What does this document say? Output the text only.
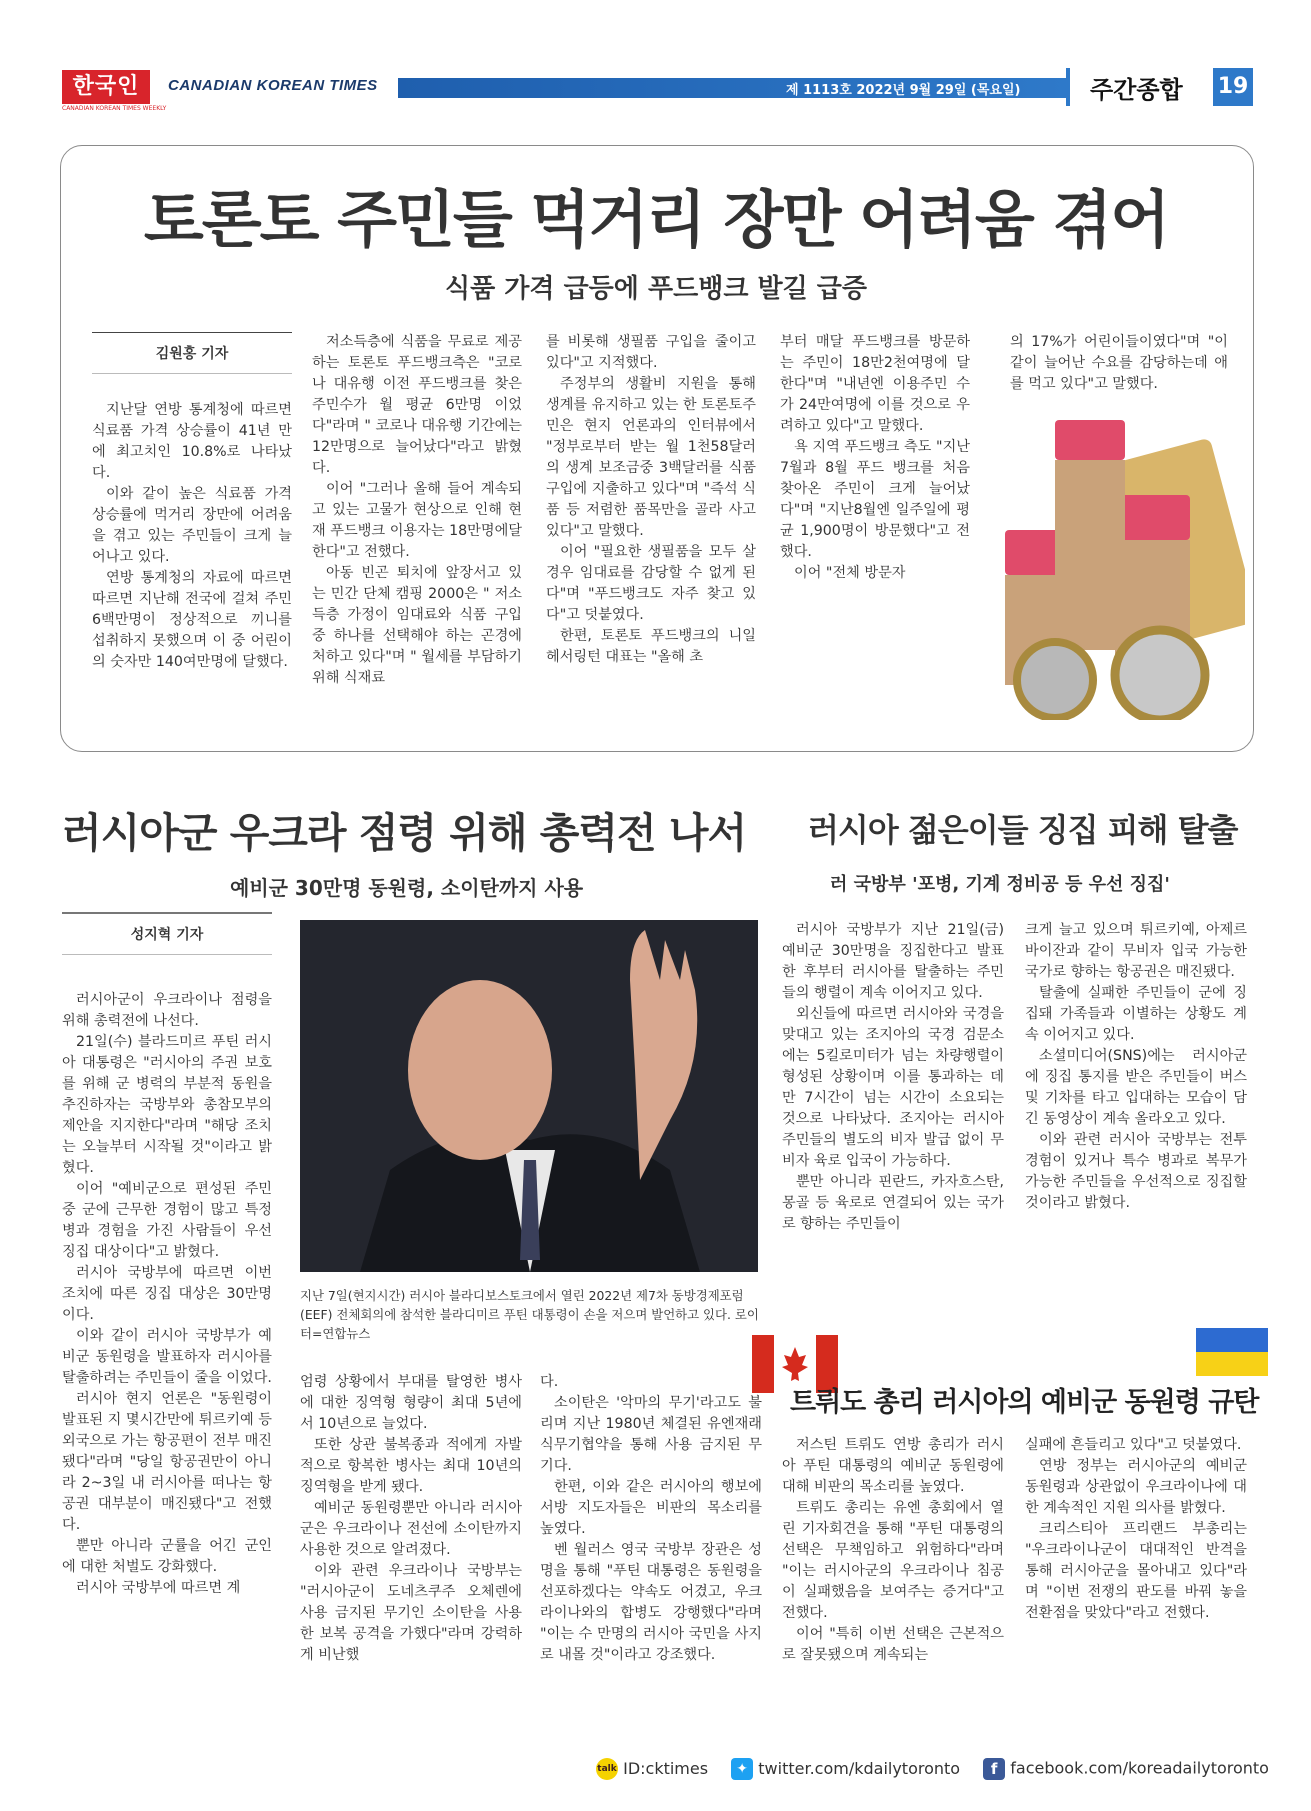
한국인
CANADIAN KOREAN TIMES WEEKLY
CANADIAN KOREAN TIMES	제 1113호 2022년 9월 29일 (목요일)	주간종합 19
토론토 주민들 먹거리 장만 어려움 겪어
식품 가격 급등에 푸드뱅크 발길 급증
김원홍 기자

지난달 연방 통계청에 따르면 식료품 가격 상승률이 41년 만에 최고치인 10.8%로 나타났다.

이와 같이 높은 식료품 가격 상승률에 먹거리 장만에 어려움을 겪고 있는 주민들이 크게 늘어나고 있다.

연방 통계청의 자료에 따르면 따르면 지난해 전국에 걸쳐 주민 6백만명이 정상적으로 끼니를 섭취하지 못했으며 이 중 어린이의 숫자만 140여만명에 달했다.

저소득층에 식품을 무료로 제공하는 토론토 푸드뱅크측은 "코로나 대유행 이전 푸드뱅크를 찾은 주민수가 월 평균 6만명 이었다"라며 " 코로나 대유행 기간에는 12만명으로 늘어났다"라고 밝혔다.

이어 "그러나 올해 들어 계속되고 있는 고물가 현상으로 인해 현재 푸드뱅크 이용자는 18만명에달한다"고 전했다.

아동 빈곤 퇴치에 앞장서고 있는 민간 단체 캠핑 2000은 " 저소득층 가정이 임대료와 식품 구입 중 하나를 선택해야 하는 곤경에 처하고 있다"며 " 월세를 부담하기 위해 식재료

를 비롯해 생필품 구입을 줄이고 있다"고 지적했다.

주정부의 생활비 지원을 통해 생계를 유지하고 있는 한 토론토주민은 현지 언론과의 인터뷰에서 "정부로부터 받는 월 1천58달러의 생계 보조금중 3백달러를 식품 구입에 지출하고 있다"며 "즉석 식품 등 저렴한 품목만을 골라 사고 있다"고 말했다.

이어 "필요한 생필품을 모두 살 경우 임대료를 감당할 수 없게 된다"며 "푸드뱅크도 자주 찾고 있다"고 덧붙였다.

한편, 토론토 푸드뱅크의 니일 헤서링턴 대표는 "올해 초

부터 매달 푸드뱅크를 방문하는 주민이 18만2천여명에 달한다"며 "내년엔 이용주민 수가 24만여명에 이를 것으로 우려하고 있다"고 말했다.

욕 지역 푸드뱅크 측도 "지난 7월과 8월 푸드 뱅크를 처음 찾아온 주민이 크게 늘어났다"며 "지난8월엔 일주일에 평균 1,900명이 방문했다"고 전했다.

이어 "전체 방문자

의 17%가 어린이들이였다"며 "이 같이 늘어난 수요를 감당하는데 애를 먹고 있다"고 말했다.

러시아군 우크라 점령 위해 총력전 나서
예비군 30만명 동원령, 소이탄까지 사용
성지혁 기자

러시아군이 우크라이나 점령을 위해 총력전에 나선다.

21일(수) 블라드미르 푸틴 러시아 대통령은 "러시아의 주권 보호를 위해 군 병력의 부분적 동원을 추진하자는 국방부와 총참모부의 제안을 지지한다"라며 "해당 조치는 오늘부터 시작될 것"이라고 밝혔다.

이어 "예비군으로 편성된 주민 중 군에 근무한 경험이 많고 특정 병과 경험을 가진 사람들이 우선 징집 대상이다"고 밝혔다.

러시아 국방부에 따르면 이번 조치에 따른 징집 대상은 30만명이다.

이와 같이 러시아 국방부가 예비군 동원령을 발표하자 러시아를 탈출하려는 주민들이 줄을 이었다.

러시아 현지 언론은 "동원령이 발표된 지 몇시간만에 튀르키예 등 외국으로 가는 항공편이 전부 매진됐다"라며 "당일 항공권만이 아니라 2~3일 내 러시아를 떠나는 항공권 대부분이 매진됐다"고 전했다.

뿐만 아니라 군률을 어긴 군인에 대한 처벌도 강화했다.

러시아 국방부에 따르면 계

지난 7일(현지시간) 러시아 블라디보스토크에서 열린 2022년 제7차 동방경제포럼(EEF) 전체회의에 참석한 블라디미르 푸틴 대통령이 손을 저으며 발언하고 있다. 로이터=연합뉴스

엄령 상황에서 부대를 탈영한 병사에 대한 징역형 형량이 최대 5년에서 10년으로 늘었다.

또한 상관 불복종과 적에게 자발적으로 항복한 병사는 최대 10년의 징역형을 받게 됐다.

예비군 동원령뿐만 아니라 러시아군은 우크라이나 전선에 소이탄까지 사용한 것으로 알려졌다.

이와 관련 우크라이나 국방부는 "러시아군이 도네츠쿠주 오체렌에 사용 금지된 무기인 소이탄을 사용한 보복 공격을 가했다"라며 강력하게 비난했

다.

소이탄은 '악마의 무기'라고도 불리며 지난 1980년 체결된 유엔재래식무기협약을 통해 사용 금지된 무기다.

한편, 이와 같은 러시아의 행보에 서방 지도자들은 비판의 목소리를 높였다.

벤 월러스 영국 국방부 장관은 성명을 통해 "푸틴 대통령은 동원령을 선포하겠다는 약속도 어겼고, 우크라이나와의 합병도 강행했다"라며 "이는 수 만명의 러시아 국민을 사지로 내몰 것"이라고 강조했다.

러시아 젊은이들 징집 피해 탈출
러 국방부 '포병, 기계 정비공 등 우선 징집'

러시아 국방부가 지난 21일(금) 예비군 30만명을 징집한다고 발표한 후부터 러시아를 탈출하는 주민들의 행렬이 계속 이어지고 있다.

외신들에 따르면 러시아와 국경을 맞대고 있는 조지아의 국경 검문소에는 5킬로미터가 넘는 차량행렬이 형성된 상황이며 이를 통과하는 데만 7시간이 넘는 시간이 소요되는 것으로 나타났다. 조지아는 러시아 주민들의 별도의 비자 발급 없이 무비자 육로 입국이 가능하다.

뿐만 아니라 핀란드, 카자흐스탄, 몽골 등 육로로 연결되어 있는 국가로 향하는 주민들이

크게 늘고 있으며 튀르키예, 아제르바이잔과 같이 무비자 입국 가능한 국가로 향하는 항공권은 매진됐다.

탈출에 실패한 주민들이 군에 징집돼 가족들과 이별하는 상황도 계속 이어지고 있다.

소셜미디어(SNS)에는 러시아군에 징집 통지를 받은 주민들이 버스 및 기차를 타고 입대하는 모습이 담긴 동영상이 계속 올라오고 있다.

이와 관련 러시아 국방부는 전투 경험이 있거나 특수 병과로 복무가 가능한 주민들을 우선적으로 징집할 것이라고 밝혔다.

트뤼도 총리 러시아의 예비군 동원령 규탄

저스틴 트뤼도 연방 총리가 러시아 푸틴 대통령의 예비군 동원령에 대해 비판의 목소리를 높였다.

트뤼도 총리는 유엔 총회에서 열린 기자회견을 통해 "푸틴 대통령의 선택은 무책임하고 위험하다"라며 "이는 러시아군의 우크라이나 침공이 실패했음을 보여주는 증거다"고 전했다.

이어 "특히 이번 선택은 근본적으로 잘못됐으며 계속되는

실패에 흔들리고 있다"고 덧붙였다.

연방 정부는 러시아군의 예비군 동원령과 상관없이 우크라이나에 대한 계속적인 지원 의사를 밝혔다.

크리스티아 프리랜드 부총리는 "우크라이나군이 대대적인 반격을 통해 러시아군을 몰아내고 있다"라며 "이번 전쟁의 판도를 바꿔 놓을 전환점을 맞았다"라고 전했다.

talk ID:cktimes ✦ twitter.com/kdailytoronto f facebook.com/koreadailytoronto
